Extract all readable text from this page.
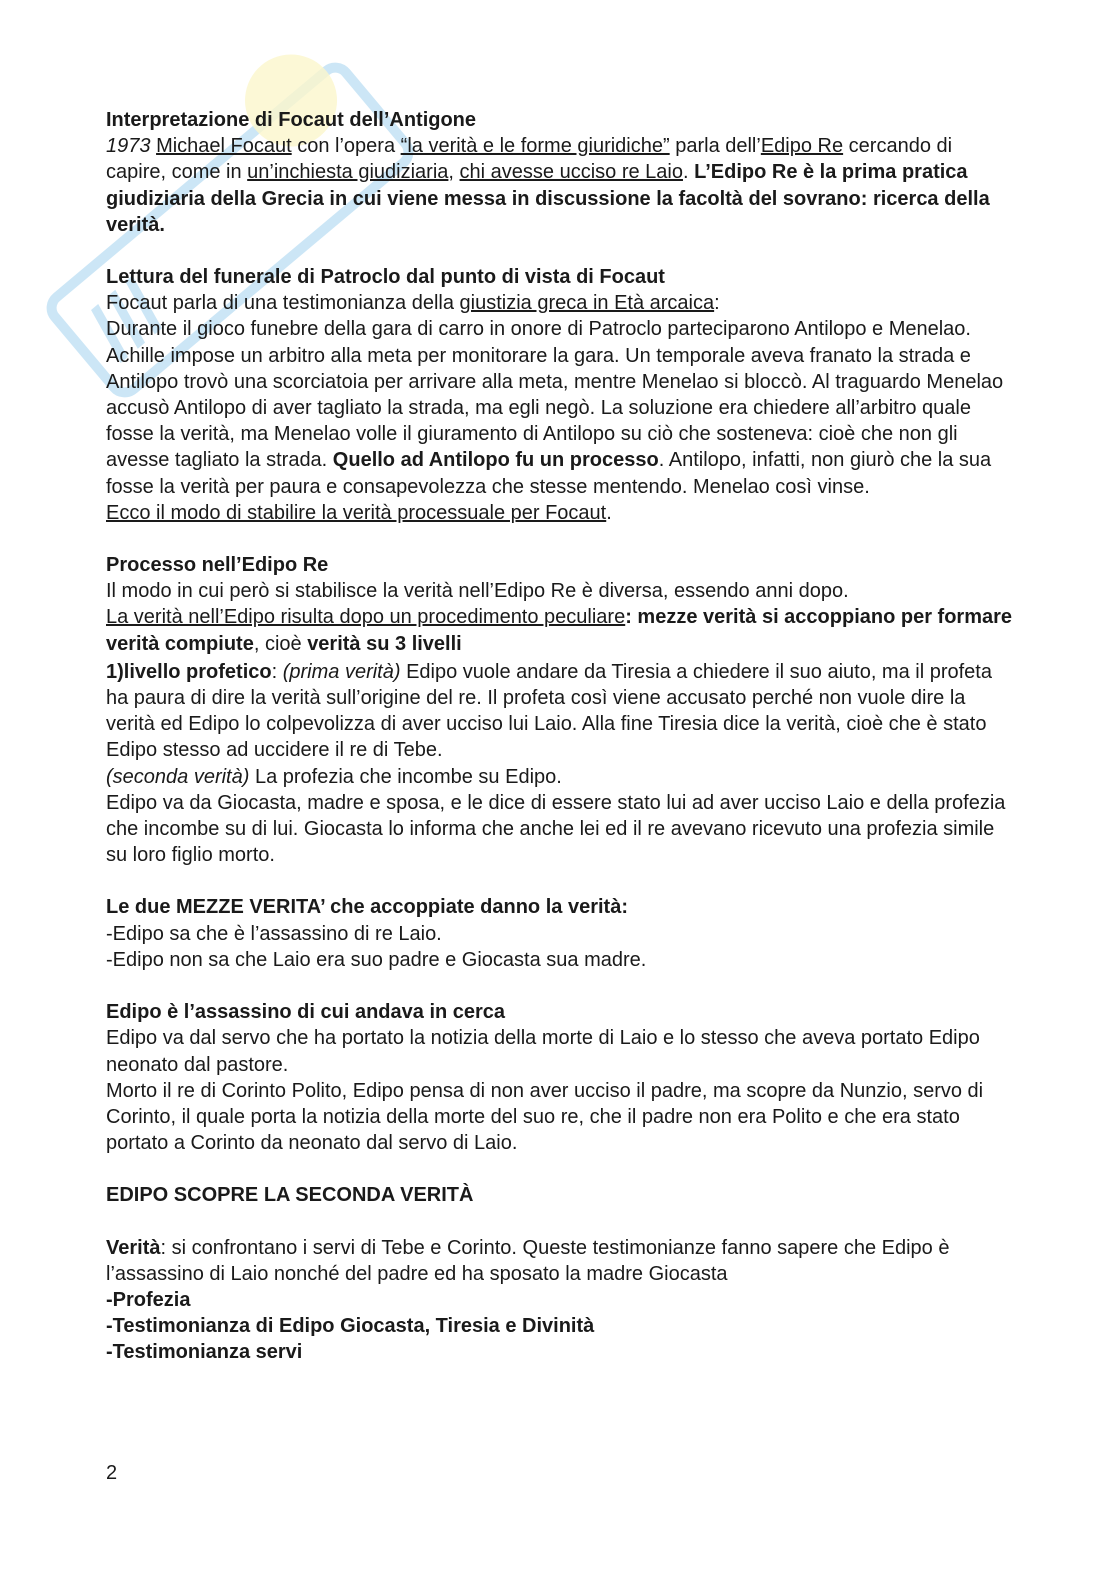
///

Interpretazione di Focaut dell’Antigone

1973 Michael Focaut con l’opera “la verità e le forme giuridiche” parla dell’Edipo Re cercando di capire, come in un’inchiesta giudiziaria, chi avesse ucciso re Laio. L’Edipo Re è la prima pratica giudiziaria della Grecia in cui viene messa in discussione la facoltà del sovrano: ricerca della verità.

Lettura del funerale di Patroclo dal punto di vista di Focaut

Focaut parla di una testimonianza della giustizia greca in Età arcaica:

Durante il gioco funebre della gara di carro in onore di Patroclo parteciparono Antilopo e Menelao. Achille impose un arbitro alla meta per monitorare la gara. Un temporale aveva franato la strada e Antilopo trovò una scorciatoia per arrivare alla meta, mentre Menelao si bloccò. Al traguardo Menelao accusò Antilopo di aver tagliato la strada, ma egli negò. La soluzione era chiedere all’arbitro quale fosse la verità, ma Menelao volle il giuramento di Antilopo su ciò che sosteneva: cioè che non gli avesse tagliato la strada. Quello ad Antilopo fu un processo. Antilopo, infatti, non giurò che la sua fosse la verità per paura e consapevolezza che stesse mentendo. Menelao così vinse.

Ecco il modo di stabilire la verità processuale per Focaut.

Processo nell’Edipo Re

Il modo in cui però si stabilisce la verità nell’Edipo Re è diversa, essendo anni dopo.

La verità nell’Edipo risulta dopo un procedimento peculiare: mezze verità si accoppiano per formare verità compiute, cioè verità su 3 livelli

1)livello profetico: (prima verità) Edipo vuole andare da Tiresia a chiedere il suo aiuto, ma il profeta ha paura di dire la verità sull’origine del re. Il profeta così viene accusato perché non vuole dire la verità ed Edipo lo colpevolizza di aver ucciso lui Laio. Alla fine Tiresia dice la verità, cioè che è stato Edipo stesso ad uccidere il re di Tebe.

(seconda verità) La profezia che incombe su Edipo.

Edipo va da Giocasta, madre e sposa, e le dice di essere stato lui ad aver ucciso Laio e della profezia che incombe su di lui. Giocasta lo informa che anche lei ed il re avevano ricevuto una profezia simile su loro figlio morto.

Le due MEZZE VERITA’ che accoppiate danno la verità:

-Edipo sa che è l’assassino di re Laio.

-Edipo non sa che Laio era suo padre e Giocasta sua madre.

Edipo è l’assassino di cui andava in cerca

Edipo va dal servo che ha portato la notizia della morte di Laio e lo stesso che aveva portato Edipo neonato dal pastore.

Morto il re di Corinto Polito, Edipo pensa di non aver ucciso il padre, ma scopre da Nunzio, servo di Corinto, il quale porta la notizia della morte del suo re, che il padre non era Polito e che era stato portato a Corinto da neonato dal servo di Laio.

EDIPO SCOPRE LA SECONDA VERITÀ

Verità: si confrontano i servi di Tebe e Corinto. Queste testimonianze fanno sapere che Edipo è l’assassino di Laio nonché del padre ed ha sposato la madre Giocasta

-Profezia

-Testimonianza di Edipo Giocasta, Tiresia e Divinità

-Testimonianza servi

2
